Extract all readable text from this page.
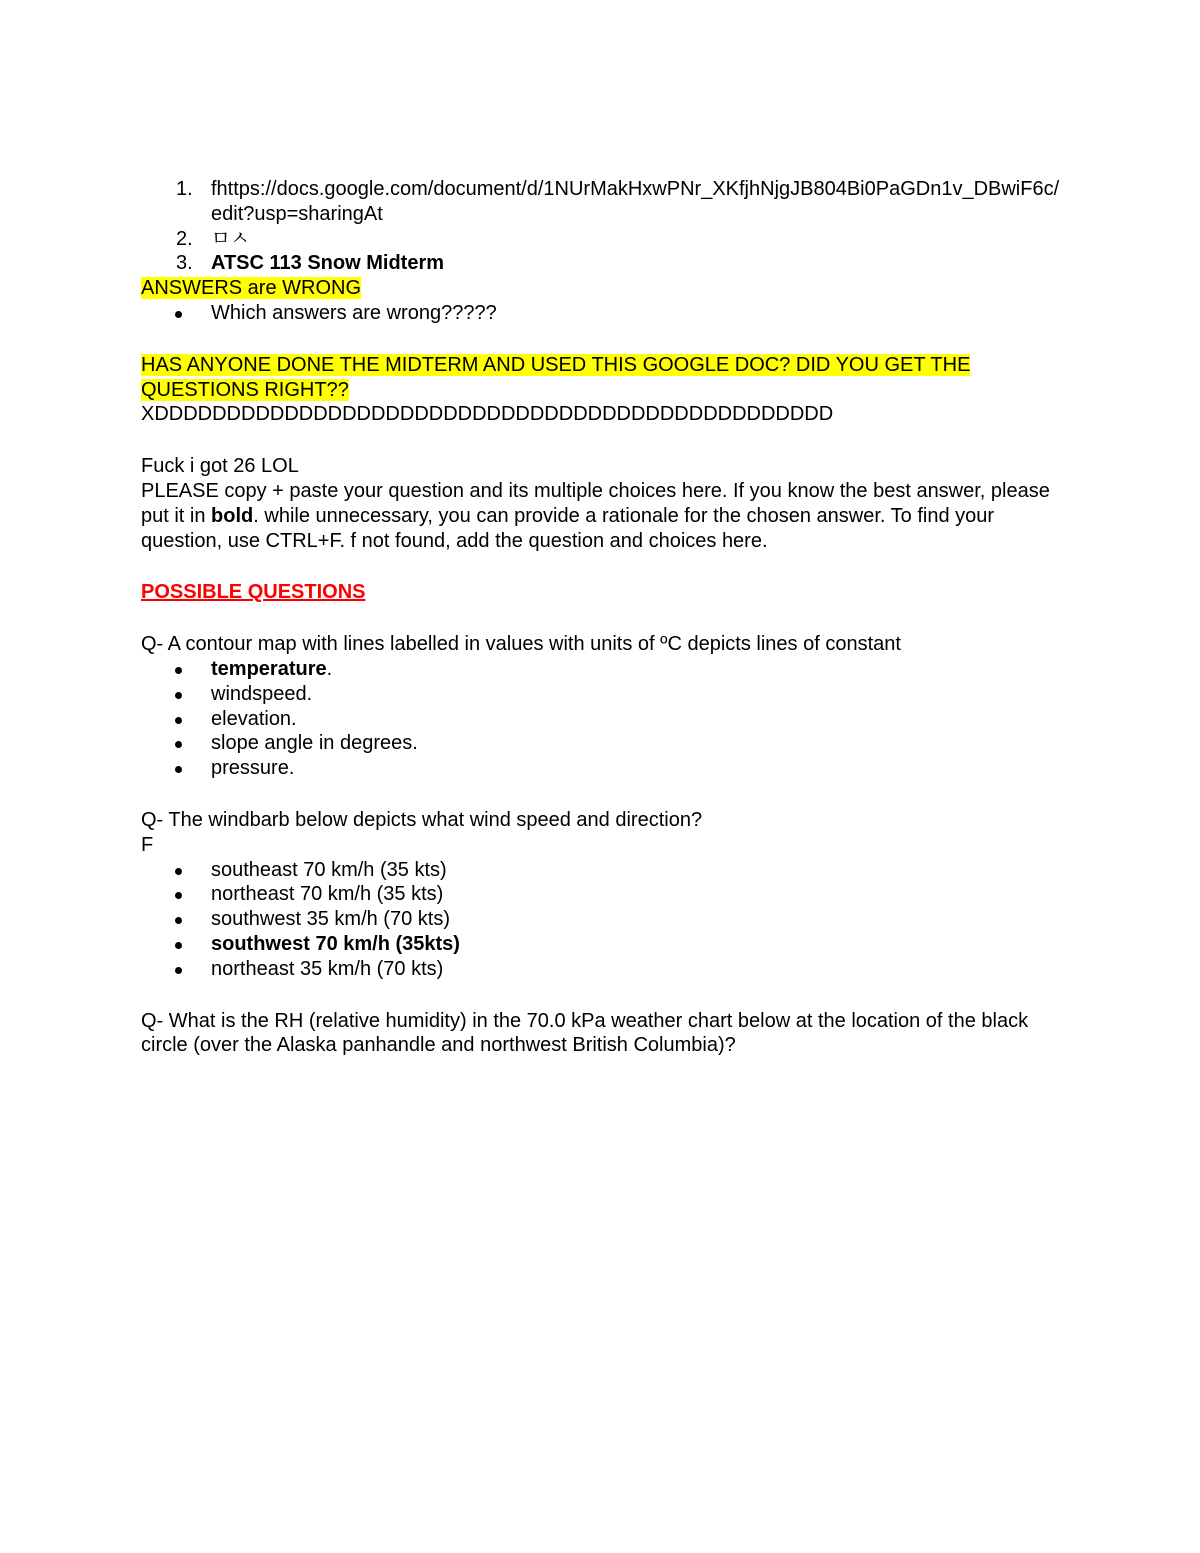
1. fhttps://docs.google.com/document/d/1NUrMakHxwPNr_XKfjhNjgJB804Bi0PaGDn1v_DBwiF6c/edit?usp=sharingAt
2. ㅁㅅ
3. ATSC 113 Snow Midterm

ANSWERS are WRONG

Which answers are wrong?????

HAS ANYONE DONE THE MIDTERM AND USED THIS GOOGLE DOC? DID YOU GET THE QUESTIONS RIGHT??

XDDDDDDDDDDDDDDDDDDDDDDDDDDDDDDDDDDDDDDDDDDDDDDD

Fuck i got 26 LOL

PLEASE copy + paste your question and its multiple choices here. If you know the best answer, please put it in bold. while unnecessary, you can provide a rationale for the chosen answer. To find your question, use CTRL+F. f not found, add the question and choices here.

POSSIBLE QUESTIONS

Q- A contour map with lines labelled in values with units of ºC depicts lines of constant

temperature.
windspeed.
elevation.
slope angle in degrees.
pressure.

Q- The windbarb below depicts what wind speed and direction?

F

southeast 70 km/h (35 kts)
northeast 70 km/h (35 kts)
southwest 35 km/h (70 kts)
southwest 70 km/h (35kts)
northeast 35 km/h (70 kts)

Q- What is the RH (relative humidity) in the 70.0 kPa weather chart below at the location of the black circle (over the Alaska panhandle and northwest British Columbia)?
